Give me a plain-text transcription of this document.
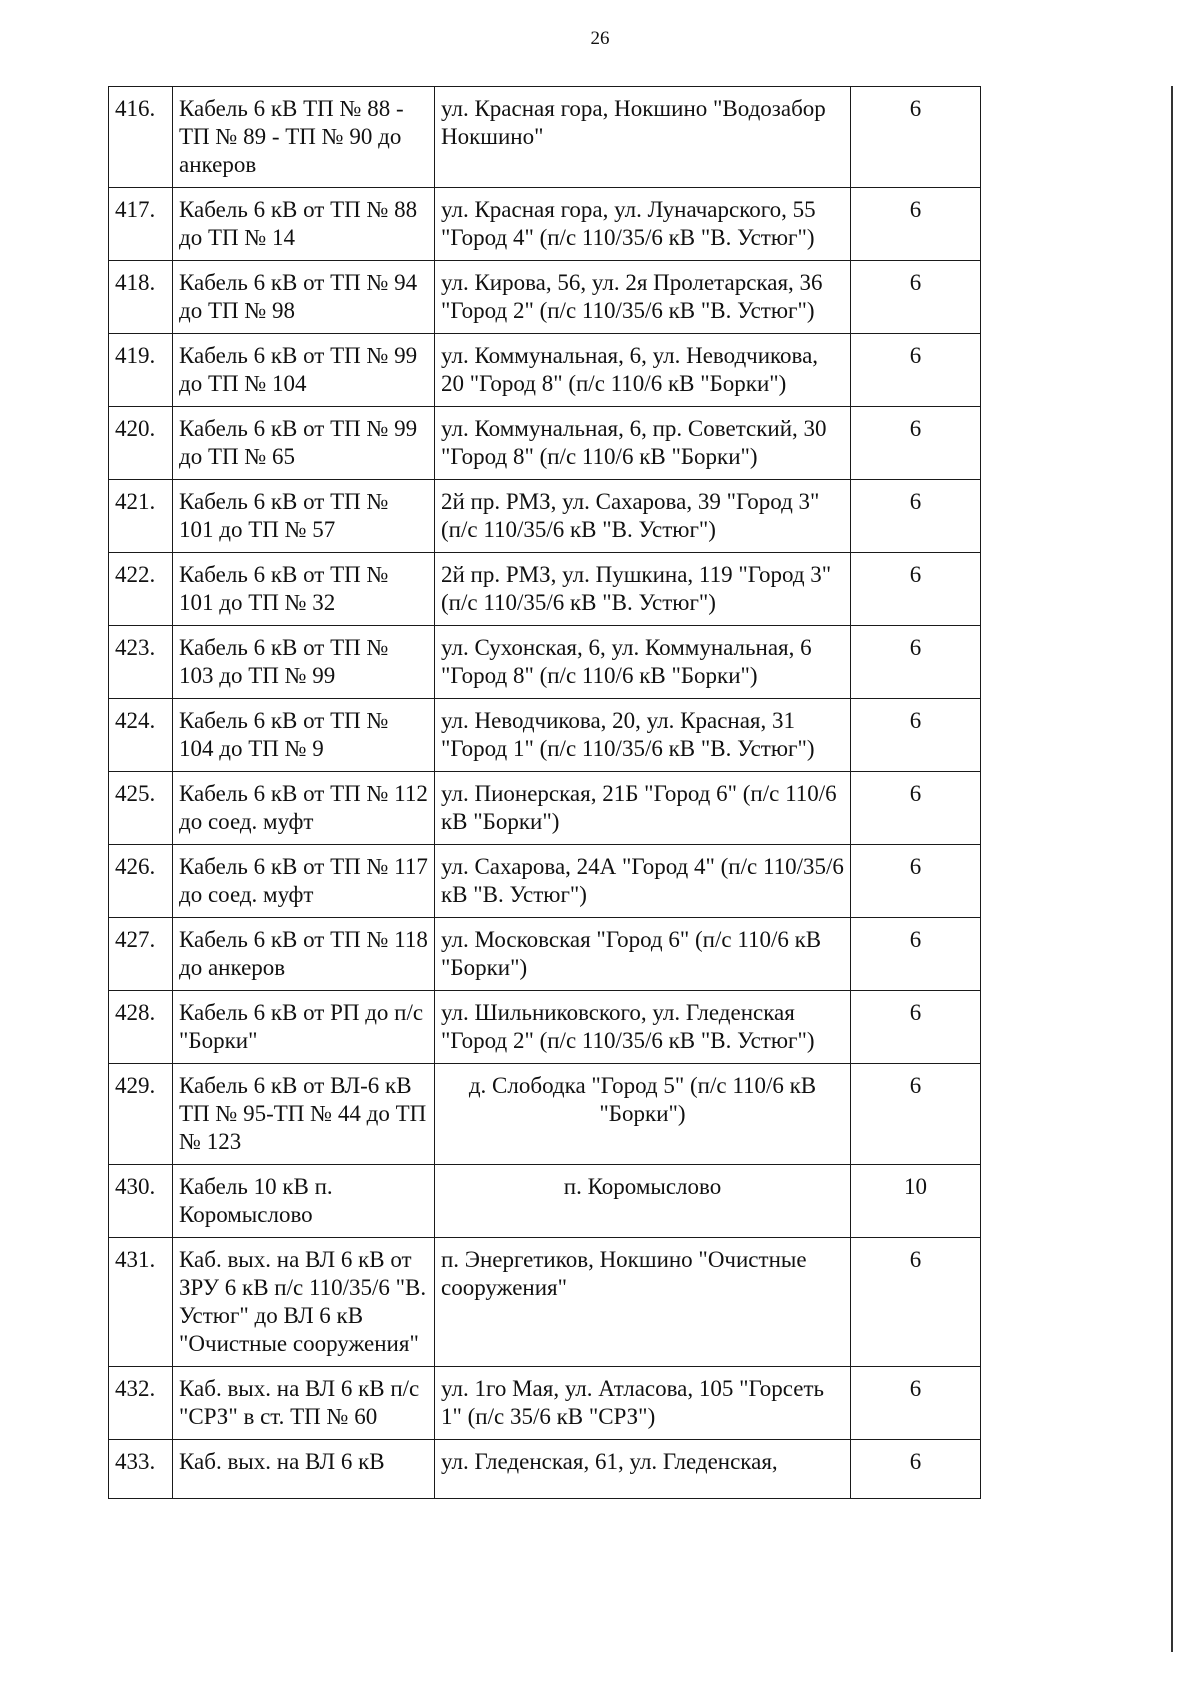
26
416.	Кабель 6 кВ ТП № 88 - ТП № 89 - ТП № 90 до анкеров	ул. Красная гора, Нокшино "Водозабор Нокшино"	6
417.	Кабель 6 кВ от ТП № 88 до ТП № 14	ул. Красная гора, ул. Луначарского, 55 "Город 4" (п/с 110/35/6 кВ "В. Устюг")	6
418.	Кабель 6 кВ от ТП № 94 до ТП № 98	ул. Кирова, 56, ул. 2я Пролетарская, 36 "Город 2" (п/с 110/35/6 кВ "В. Устюг")	6
419.	Кабель 6 кВ от ТП № 99 до ТП № 104	ул. Коммунальная, 6, ул. Неводчикова, 20 "Город 8" (п/с 110/6 кВ "Борки")	6
420.	Кабель 6 кВ от ТП № 99 до ТП № 65	ул. Коммунальная, 6, пр. Советский, 30 "Город 8" (п/с 110/6 кВ "Борки")	6
421.	Кабель 6 кВ от ТП № 101 до ТП № 57	2й пр. РМЗ, ул. Сахарова, 39 "Город 3" (п/с 110/35/6 кВ "В. Устюг")	6
422.	Кабель 6 кВ от ТП № 101 до ТП № 32	2й пр. РМЗ, ул. Пушкина, 119 "Город 3" (п/с 110/35/6 кВ "В. Устюг")	6
423.	Кабель 6 кВ от ТП № 103 до ТП № 99	ул. Сухонская, 6, ул. Коммунальная, 6 "Город 8" (п/с 110/6 кВ "Борки")	6
424.	Кабель 6 кВ от ТП № 104 до ТП № 9	ул. Неводчикова, 20, ул. Красная, 31 "Город 1" (п/с 110/35/6 кВ "В. Устюг")	6
425.	Кабель 6 кВ от ТП № 112 до соед. муфт	ул. Пионерская, 21Б "Город 6" (п/с 110/6 кВ "Борки")	6
426.	Кабель 6 кВ от ТП № 117 до соед. муфт	ул. Сахарова, 24А "Город 4" (п/с 110/35/6 кВ "В. Устюг")	6
427.	Кабель 6 кВ от ТП № 118 до анкеров	ул. Московская "Город 6" (п/с 110/6 кВ "Борки")	6
428.	Кабель 6 кВ от РП до п/с "Борки"	ул. Шильниковского, ул. Гледенская "Город 2" (п/с 110/35/6 кВ "В. Устюг")	6
429.	Кабель 6 кВ от ВЛ-6 кВ ТП № 95-ТП № 44 до ТП № 123	д. Слободка "Город 5" (п/с 110/6 кВ "Борки")	6
430.	Кабель 10 кВ п. Коромыслово	п. Коромыслово	10
431.	Каб. вых. на ВЛ 6 кВ от ЗРУ 6 кВ п/с 110/35/6 "В. Устюг" до ВЛ 6 кВ "Очистные сооружения"	п. Энергетиков, Нокшино "Очистные сооружения"	6
432.	Каб. вых. на ВЛ 6 кВ п/с "СРЗ" в ст. ТП № 60	ул. 1го Мая, ул. Атласова, 105 "Горсеть 1" (п/с 35/6 кВ "СРЗ")	6
433.	Каб. вых. на ВЛ 6 кВ	ул. Гледенская, 61, ул. Гледенская,	6
